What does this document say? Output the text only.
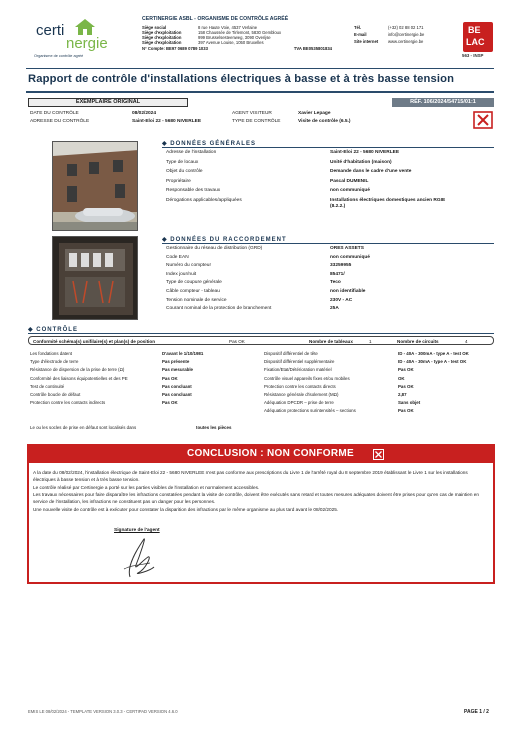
certi
nergie
Organisme de contrôle agréé
CERTINERGIE ASBL - ORGANISME DE CONTRÔLE AGRÉÉ
Siège social	8 rue Haute Voie, 4537 Verlaine
Siège d'exploitation	158 Chaussée de Tirlemont, 5830 Gembloux
Siège d'exploitation	999 Brusselsesteenweg, 3090 Overijse
Siège d'exploitation	397 Avenue Louise, 1050 Bruxelles
N° Compte: BE97 0689 0789 1033	TVA BE0535801834
Tél.	(+32) 02 88 02 171
E-mail	info@certinergie.be
Site internet	www.certinergie.be
BE
LAC
563 - INSP
Rapport de contrôle d'installations électriques à basse et à très basse tension
EXEMPLAIRE ORIGINAL	RÉF. 106/2024/54715/01:1
DATE DU CONTRÔLE	08/02/2024	AGENT VISITEUR	Xavier Lepage
ADRESSE DU CONTRÔLE	Saint-Eloi 22 - 5680 NIVERLEE	TYPE DE CONTRÔLE	Visite de contrôle (6.5.)
◆ DONNÉES GÉNÉRALES
Adresse de l'installation	Saint-Eloi 22 - 5680 NIVERLEE
Type de locaux	Unité d'habitation (maison)
Objet du contrôle	Demande dans le cadre d'une vente
Propriétaire	Pascal DUMENIL
Responsable des travaux	non communiqué
Dérogations applicables/appliquées	Installations électriques domestiques ancien RGIE
(8.2.2.)
◆ DONNÉES DU RACCORDEMENT
Gestionnaire du réseau de distribution (GRD)	ORES ASSETS
Code EAN	non communiqué
Numéro du compteur	33259955
Index jour/nuit	85471/
Type de coupure générale	Teco
Câble compteur - tableau	non identifiable
Tension nominale de service	230V - AC
Courant nominal de la protection de branchement	25A
◆ CONTRÔLE
Conformité schéma(s) unifilaire(s) et plan(s) de position	Pas OK	Nombre de tableaux	1	Nombre de circuits	4
Les fondations datent	D'avant le 1/10/1981
Type d'électrode de terre	Pas présente
Résistance de dispersion de la prise de terre (Ω)	Pas mesurable
Conformité des liaisons équipotentielles et des PE	Pas OK
Test de continuité	Pas concluant
Contrôle boucle de défaut	Pas concluant
Protection contre les contacts indirects	Pas OK
Dispositif différentiel de tête	ID - 40A - 300mA - type A - test OK
Dispositif différentiel supplémentaire	ID - 40A - 30mA - type A - test OK
Fixation/Etat/Détérioration matériel	Pas OK
Contrôle visuel appareils fixes et/ou mobiles	OK
Protection contre les contacts directs	Pas OK
Résistance générale d'isolement (MΩ)	2,87
Adéquation DPCDR – prise de terre	Sans objet
Adéquation protections surintensités – sections	Pas OK
Le ou les socles de prise en défaut sont localisés dans	toutes les pièces
CONCLUSION : NON CONFORME

A la date du 08/02/2024, l'installation électrique de Saint-Eloi 22 - 5680 NIVERLEE n'est pas conforme aux prescriptions du Livre 1 de l'arrêté royal du 8 septembre 2019 établissant le Livre 1 sur les installations électriques à basse tension et à très basse tension.

Le contrôle réalisé par Certinergie a porté sur les parties visibles de l'installation et normalement accessibles.

Les travaux nécessaires pour faire disparaître les infractions constatées pendant la visite de contrôle, doivent être exécutés sans retard et toutes mesures adéquates doivent être prises pour qu'en cas de maintien en service de l'installation, les infractions ne constituent pas un danger pour les personnes.

Une nouvelle visite de contrôle est à exécuter pour constater la disparition des infractions par le même organisme au plus tard avant le 08/02/2025.

Signature de l'agent
EMIS LE 08/02/2024 - TEMPLATE VERSION 3.0.3 - CERTIPAD VERSION 4.6.0	PAGE 1 / 2
